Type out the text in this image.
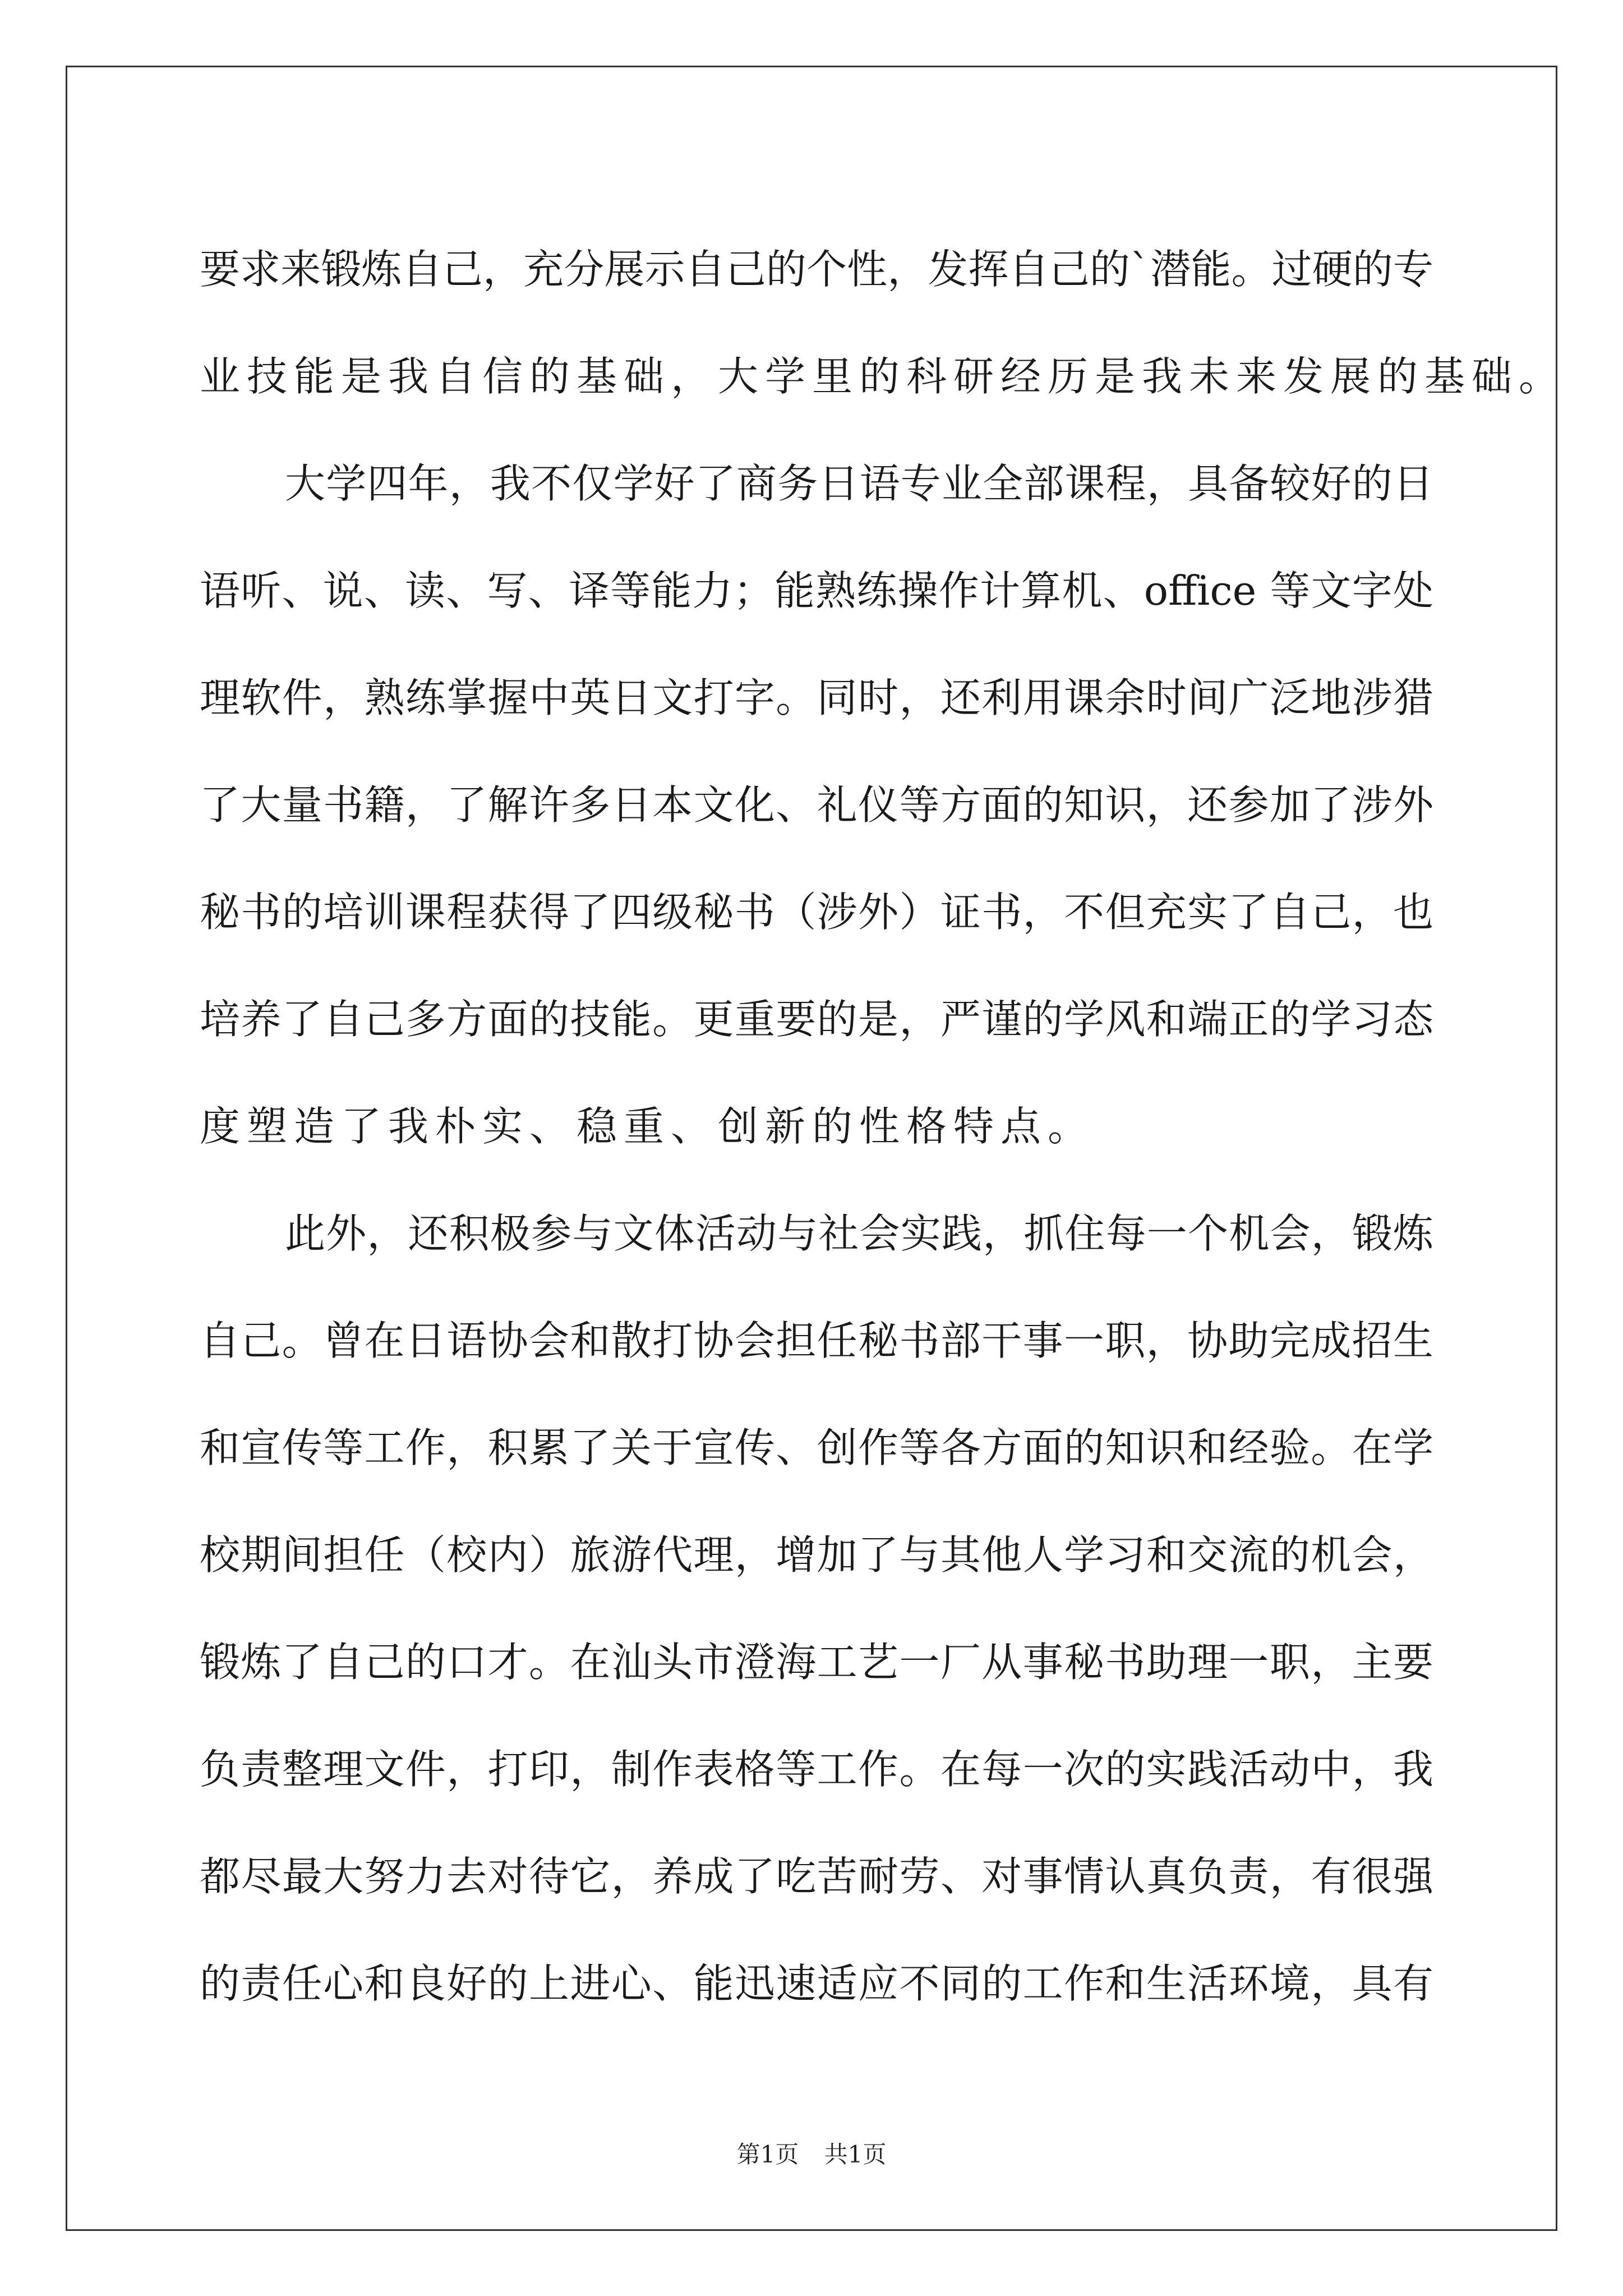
要求来锻炼自己，充分展示自己的个性，发挥自己的`潜能。过硬的专
业技能是我自信的基础，大学里的科研经历是我未来发展的基础。
大学四年，我不仅学好了商务日语专业全部课程，具备较好的日
语听、说、读、写、译等能力；能熟练操作计算机、office 等文字处
理软件，熟练掌握中英日文打字。同时，还利用课余时间广泛地涉猎
了大量书籍，了解许多日本文化、礼仪等方面的知识，还参加了涉外
秘书的培训课程获得了四级秘书（涉外）证书，不但充实了自己，也
培养了自己多方面的技能。更重要的是，严谨的学风和端正的学习态
度塑造了我朴实、稳重、创新的性格特点。
此外，还积极参与文体活动与社会实践，抓住每一个机会，锻炼
自己。曾在日语协会和散打协会担任秘书部干事一职，协助完成招生
和宣传等工作，积累了关于宣传、创作等各方面的知识和经验。在学
校期间担任（校内）旅游代理，增加了与其他人学习和交流的机会，
锻炼了自己的口才。在汕头市澄海工艺一厂从事秘书助理一职，主要
负责整理文件，打印，制作表格等工作。在每一次的实践活动中，我
都尽最大努力去对待它，养成了吃苦耐劳、对事情认真负责，有很强
的责任心和良好的上进心、能迅速适应不同的工作和生活环境，具有
第1页 共1页
